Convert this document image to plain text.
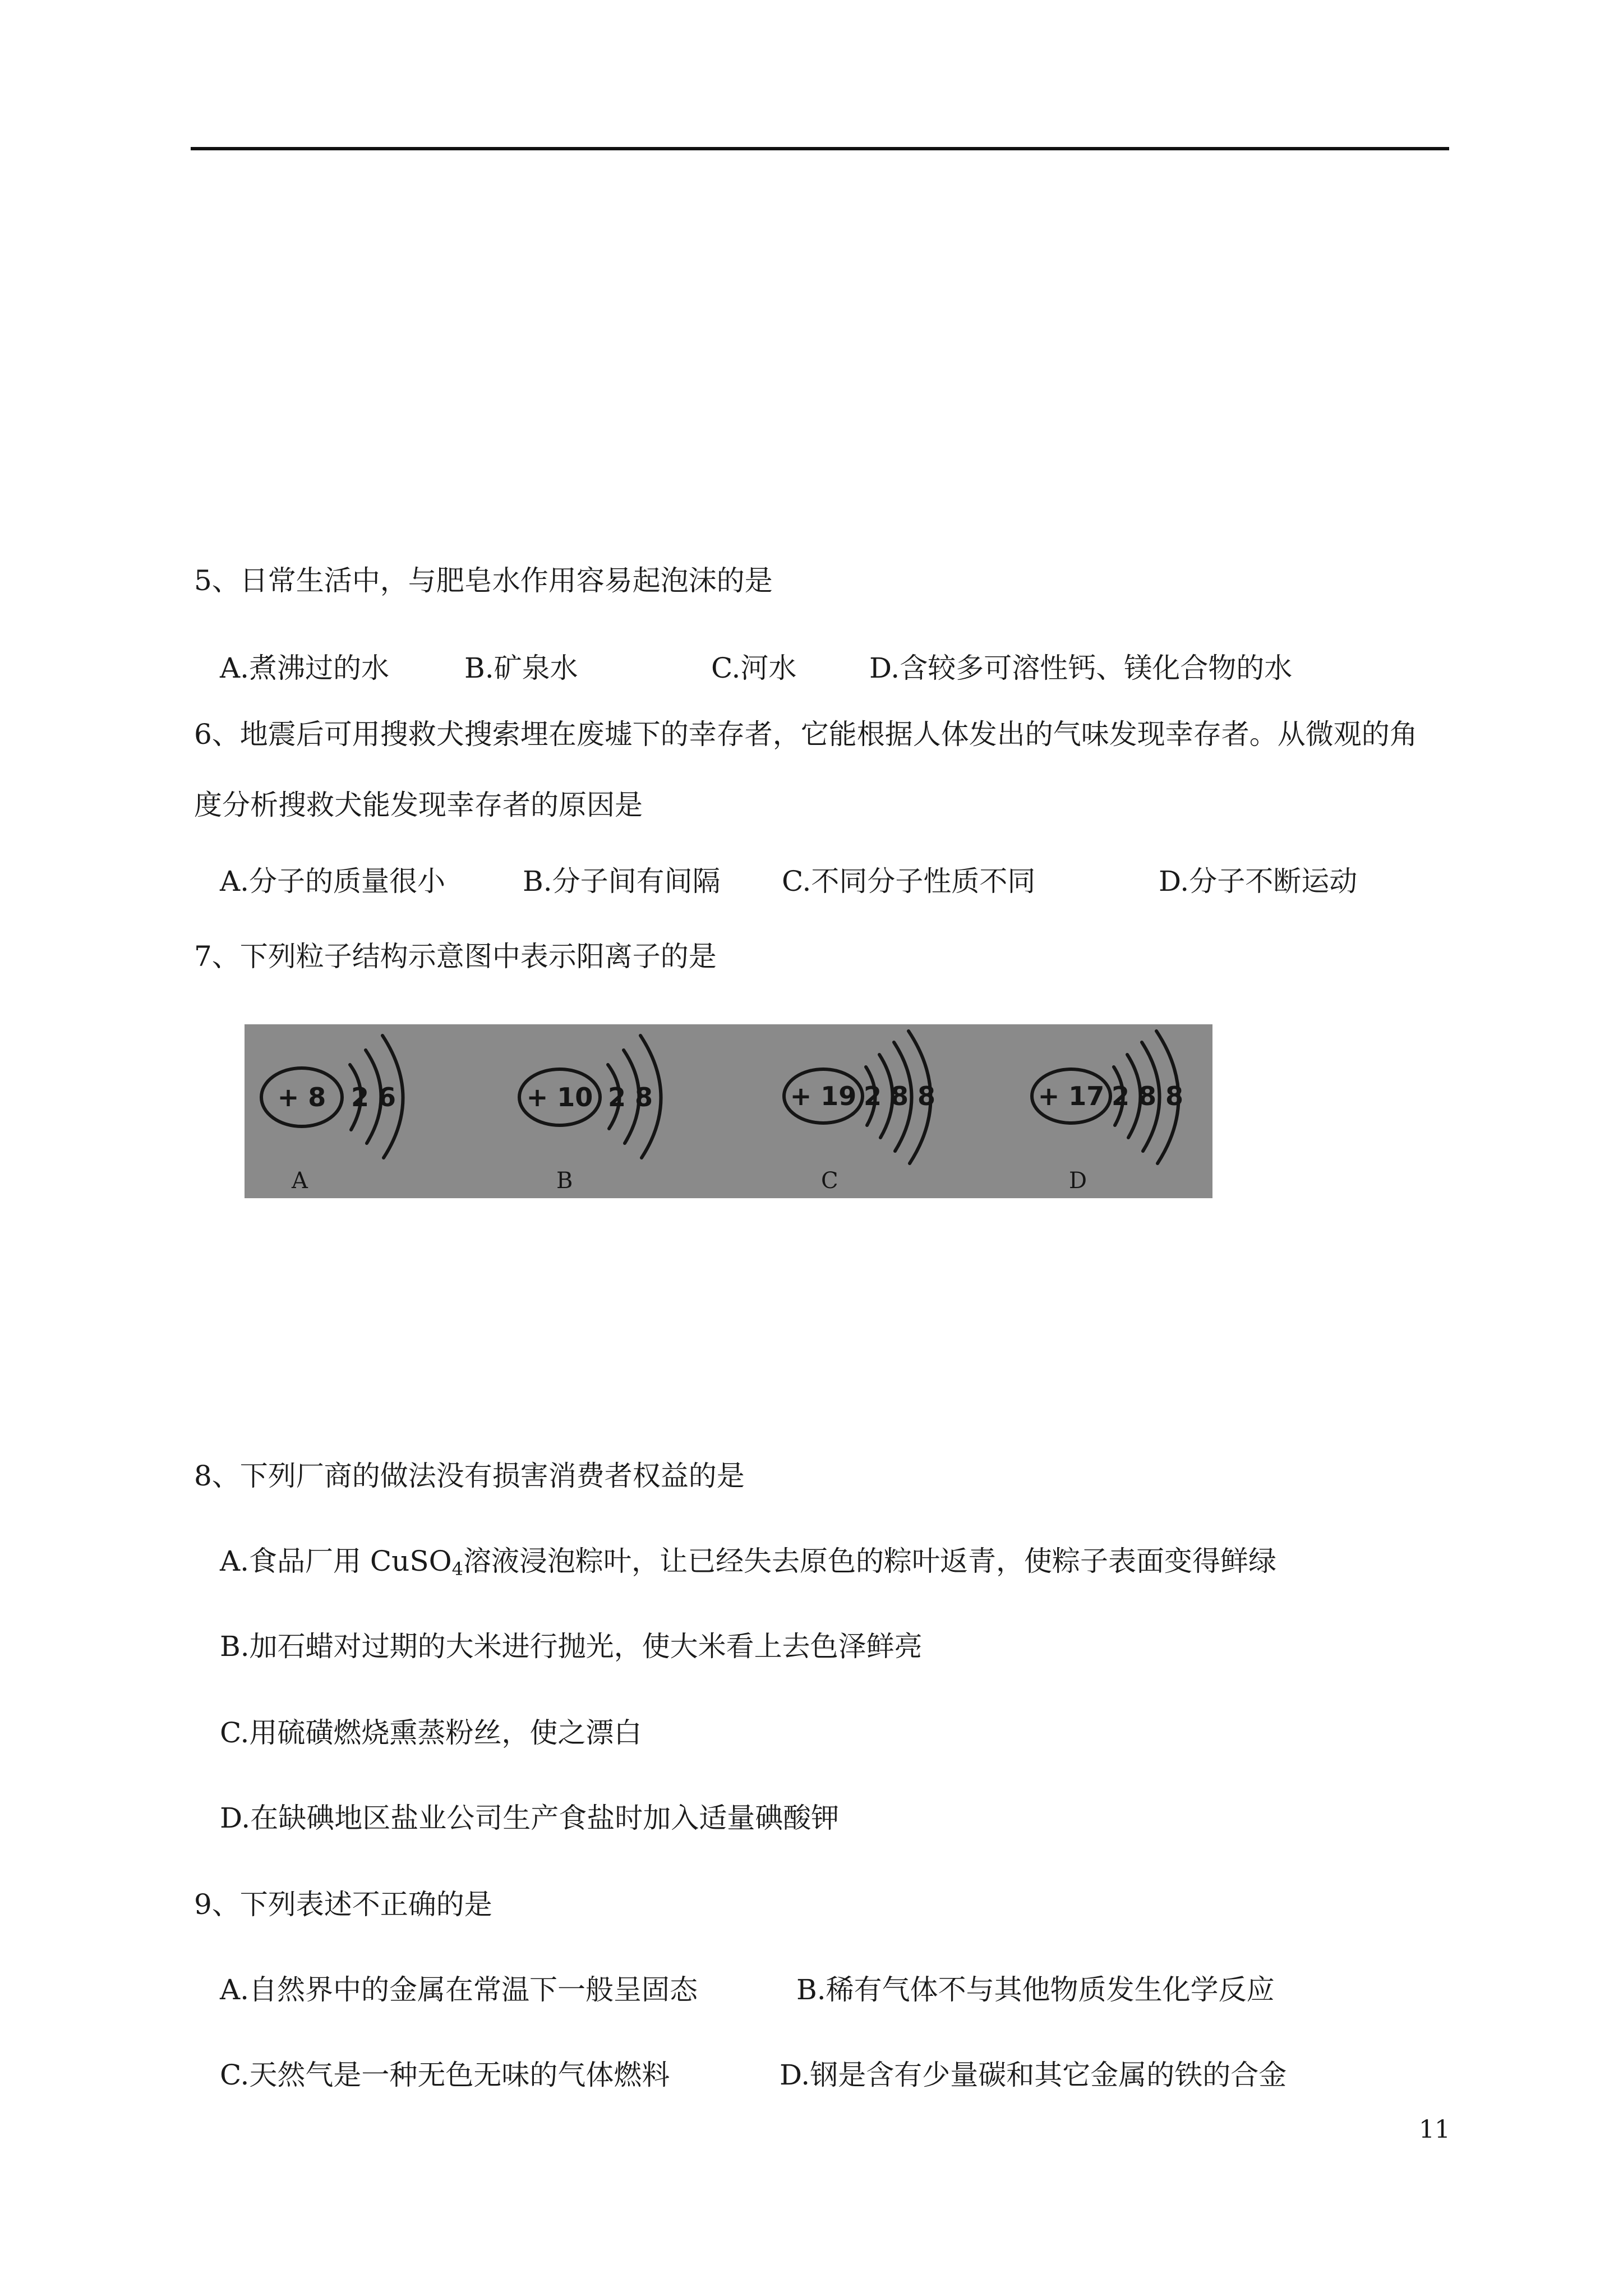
5、日常生活中，与肥皂水作用容易起泡沫的是
A.煮沸过的水	B.矿泉水	C.河水	D.含较多可溶性钙、镁化合物的水
6、地震后可用搜救犬搜索埋在废墟下的幸存者，它能根据人体发出的气味发现幸存者。从微观的角
度分析搜救犬能发现幸存者的原因是
A.分子的质量很小	B.分子间有间隔 C.不同分子性质不同	D.分子不断运动
7、下列粒子结构示意图中表示阳离子的是
+ 8 2 6	+ 10 2 8	+ 19 2 8 8	+ 17 2 8 8
A	B	C	D
8、下列厂商的做法没有损害消费者权益的是
A.食品厂用 CuSO$_4$溶液浸泡粽叶，让已经失去原色的粽叶返青，使粽子表面变得鲜绿
B.加石蜡对过期的大米进行抛光，使大米看上去色泽鲜亮
C.用硫磺燃烧熏蒸粉丝，使之漂白
D.在缺碘地区盐业公司生产食盐时加入适量碘酸钾
9、下列表述不正确的是
A.自然界中的金属在常温下一般呈固态	B.稀有气体不与其他物质发生化学反应
C.天然气是一种无色无味的气体燃料	D.钢是含有少量碳和其它金属的铁的合金
11
